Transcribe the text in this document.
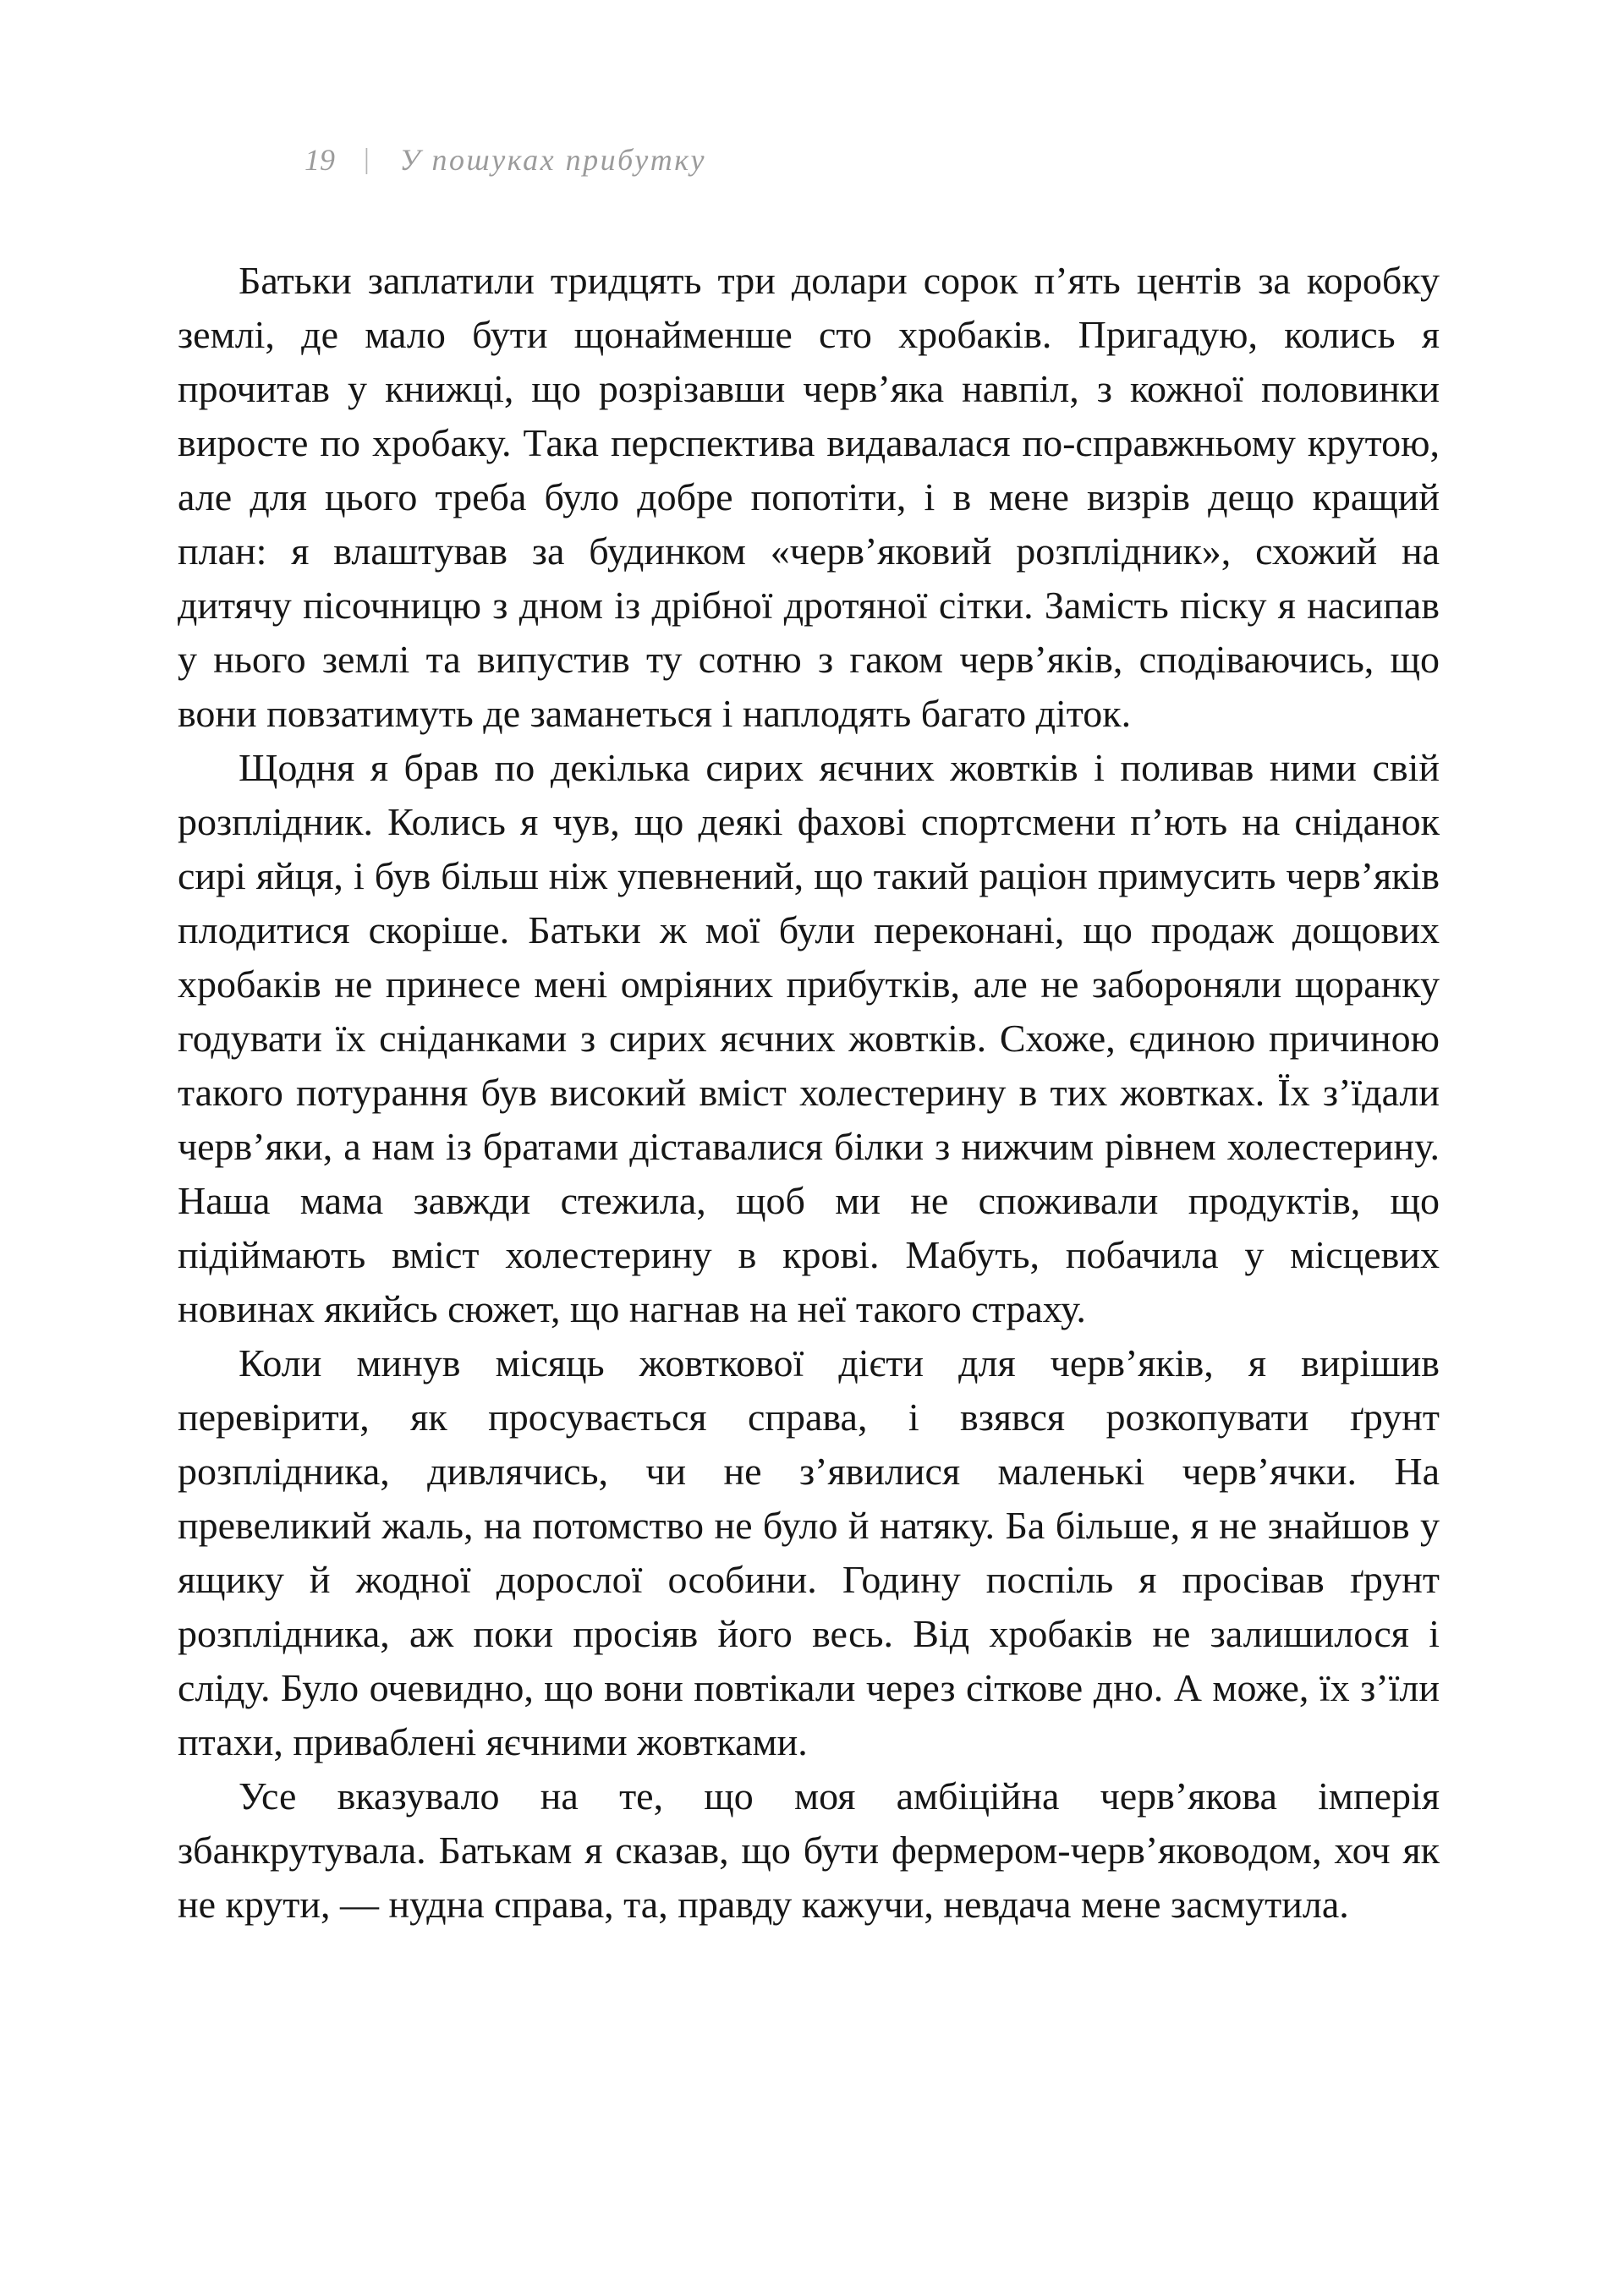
19 | У пошуках прибутку

Батьки заплатили тридцять три долари сорок п’ять центів за коробку землі, де мало бути щонайменше сто хробаків. Пригадую, колись я прочитав у книжці, що розрізавши черв’яка навпіл, з кожної половинки виросте по хробаку. Така перспектива видавалася по-справжньому крутою, але для цього треба було добре попотіти, і в мене визрів дещо кращий план: я влаштував за будинком «черв’яковий розплідник», схожий на дитячу пісочницю з дном із дрібної дротяної сітки. Замість піску я насипав у нього землі та випустив ту сотню з гаком черв’яків, сподіваючись, що вони повзатимуть де заманеться і наплодять багато діток.

Щодня я брав по декілька сирих яєчних жовтків і поливав ними свій розплідник. Колись я чув, що деякі фахові спортсмени п’ють на сніданок сирі яйця, і був більш ніж упевнений, що такий раціон примусить черв’яків плодитися скоріше. Батьки ж мої були переконані, що продаж дощових хробаків не принесе мені омріяних прибутків, але не забороняли щоранку годувати їх сніданками з сирих яєчних жовтків. Схоже, єдиною причиною такого потурання був високий вміст холестерину в тих жовтках. Їх з’їдали черв’яки, а нам із братами діставалися білки з нижчим рівнем холестерину. Наша мама завжди стежила, щоб ми не споживали продуктів, що підіймають вміст холестерину в крові. Мабуть, побачила у місцевих новинах якийсь сюжет, що нагнав на неї такого страху.

Коли минув місяць жовткової дієти для черв’яків, я вирішив перевірити, як просувається справа, і взявся розкопувати ґрунт розплідника, дивлячись, чи не з’явилися маленькі черв’ячки. На превеликий жаль, на потомство не було й натяку. Ба більше, я не знайшов у ящику й жодної дорослої особини. Годину поспіль я просівав ґрунт розплідника, аж поки просіяв його весь. Від хробаків не залишилося і сліду. Було очевидно, що вони повтікали через сіткове дно. А може, їх з’їли птахи, приваблені яєчними жовтками.

Усе вказувало на те, що моя амбіційна черв’якова імперія збанкрутувала. Батькам я сказав, що бути фермером-черв’яководом, хоч як не крути, — нудна справа, та, правду кажучи, невдача мене засмутила.
